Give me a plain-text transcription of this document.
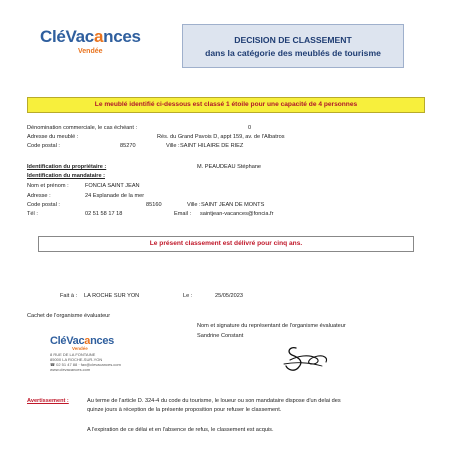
CléVacances
Vendée
DECISION DE CLASSEMENT
dans la catégorie des meublés de tourisme
Le meublé identifié ci-dessous est classé 1 étoile pour une capacité de 4 personnes
Dénomination commerciale, le cas échéant :	0
Adresse du meublé :	Rés. du Grand Pavois D, appt 159, av. de l'Albatros
Code postal :	85270	Ville : SAINT HILAIRE DE RIEZ
Identification du propriétaire :	M. PEAUDEAU Stéphane
Identification du mandataire :
Nom et prénom :	FONCIA SAINT JEAN
Adresse :	24 Esplanade de la mer
Code postal :	85160	Ville : SAINT JEAN DE MONTS
Tél :	02 51 58 17 18	Email : saintjean-vacances@foncia.fr
Le présent classement est délivré pour cinq ans.
Fait à : LA ROCHE SUR YON	Le :	25/05/2023
Cachet de l'organisme évaluateur
Nom et signature du représentant de l'organisme évaluateur
Sandrine Constant
CléVacances
Vendée
8 RUE DE LA FONTAINE
85000 LA ROCHE-SUR-YON
☎ 02 51 47 88 · fax@clevacances.com
www.clevacances.com
Avertissement :	Au terme de l'article D. 324-4 du code du tourisme, le loueur ou son mandataire dispose d'un delai des
quinze jours à réception de la présente proposition pour refuser le classement.
A l'expiration de ce délai et en l'absence de refus, le classement est acquis.
